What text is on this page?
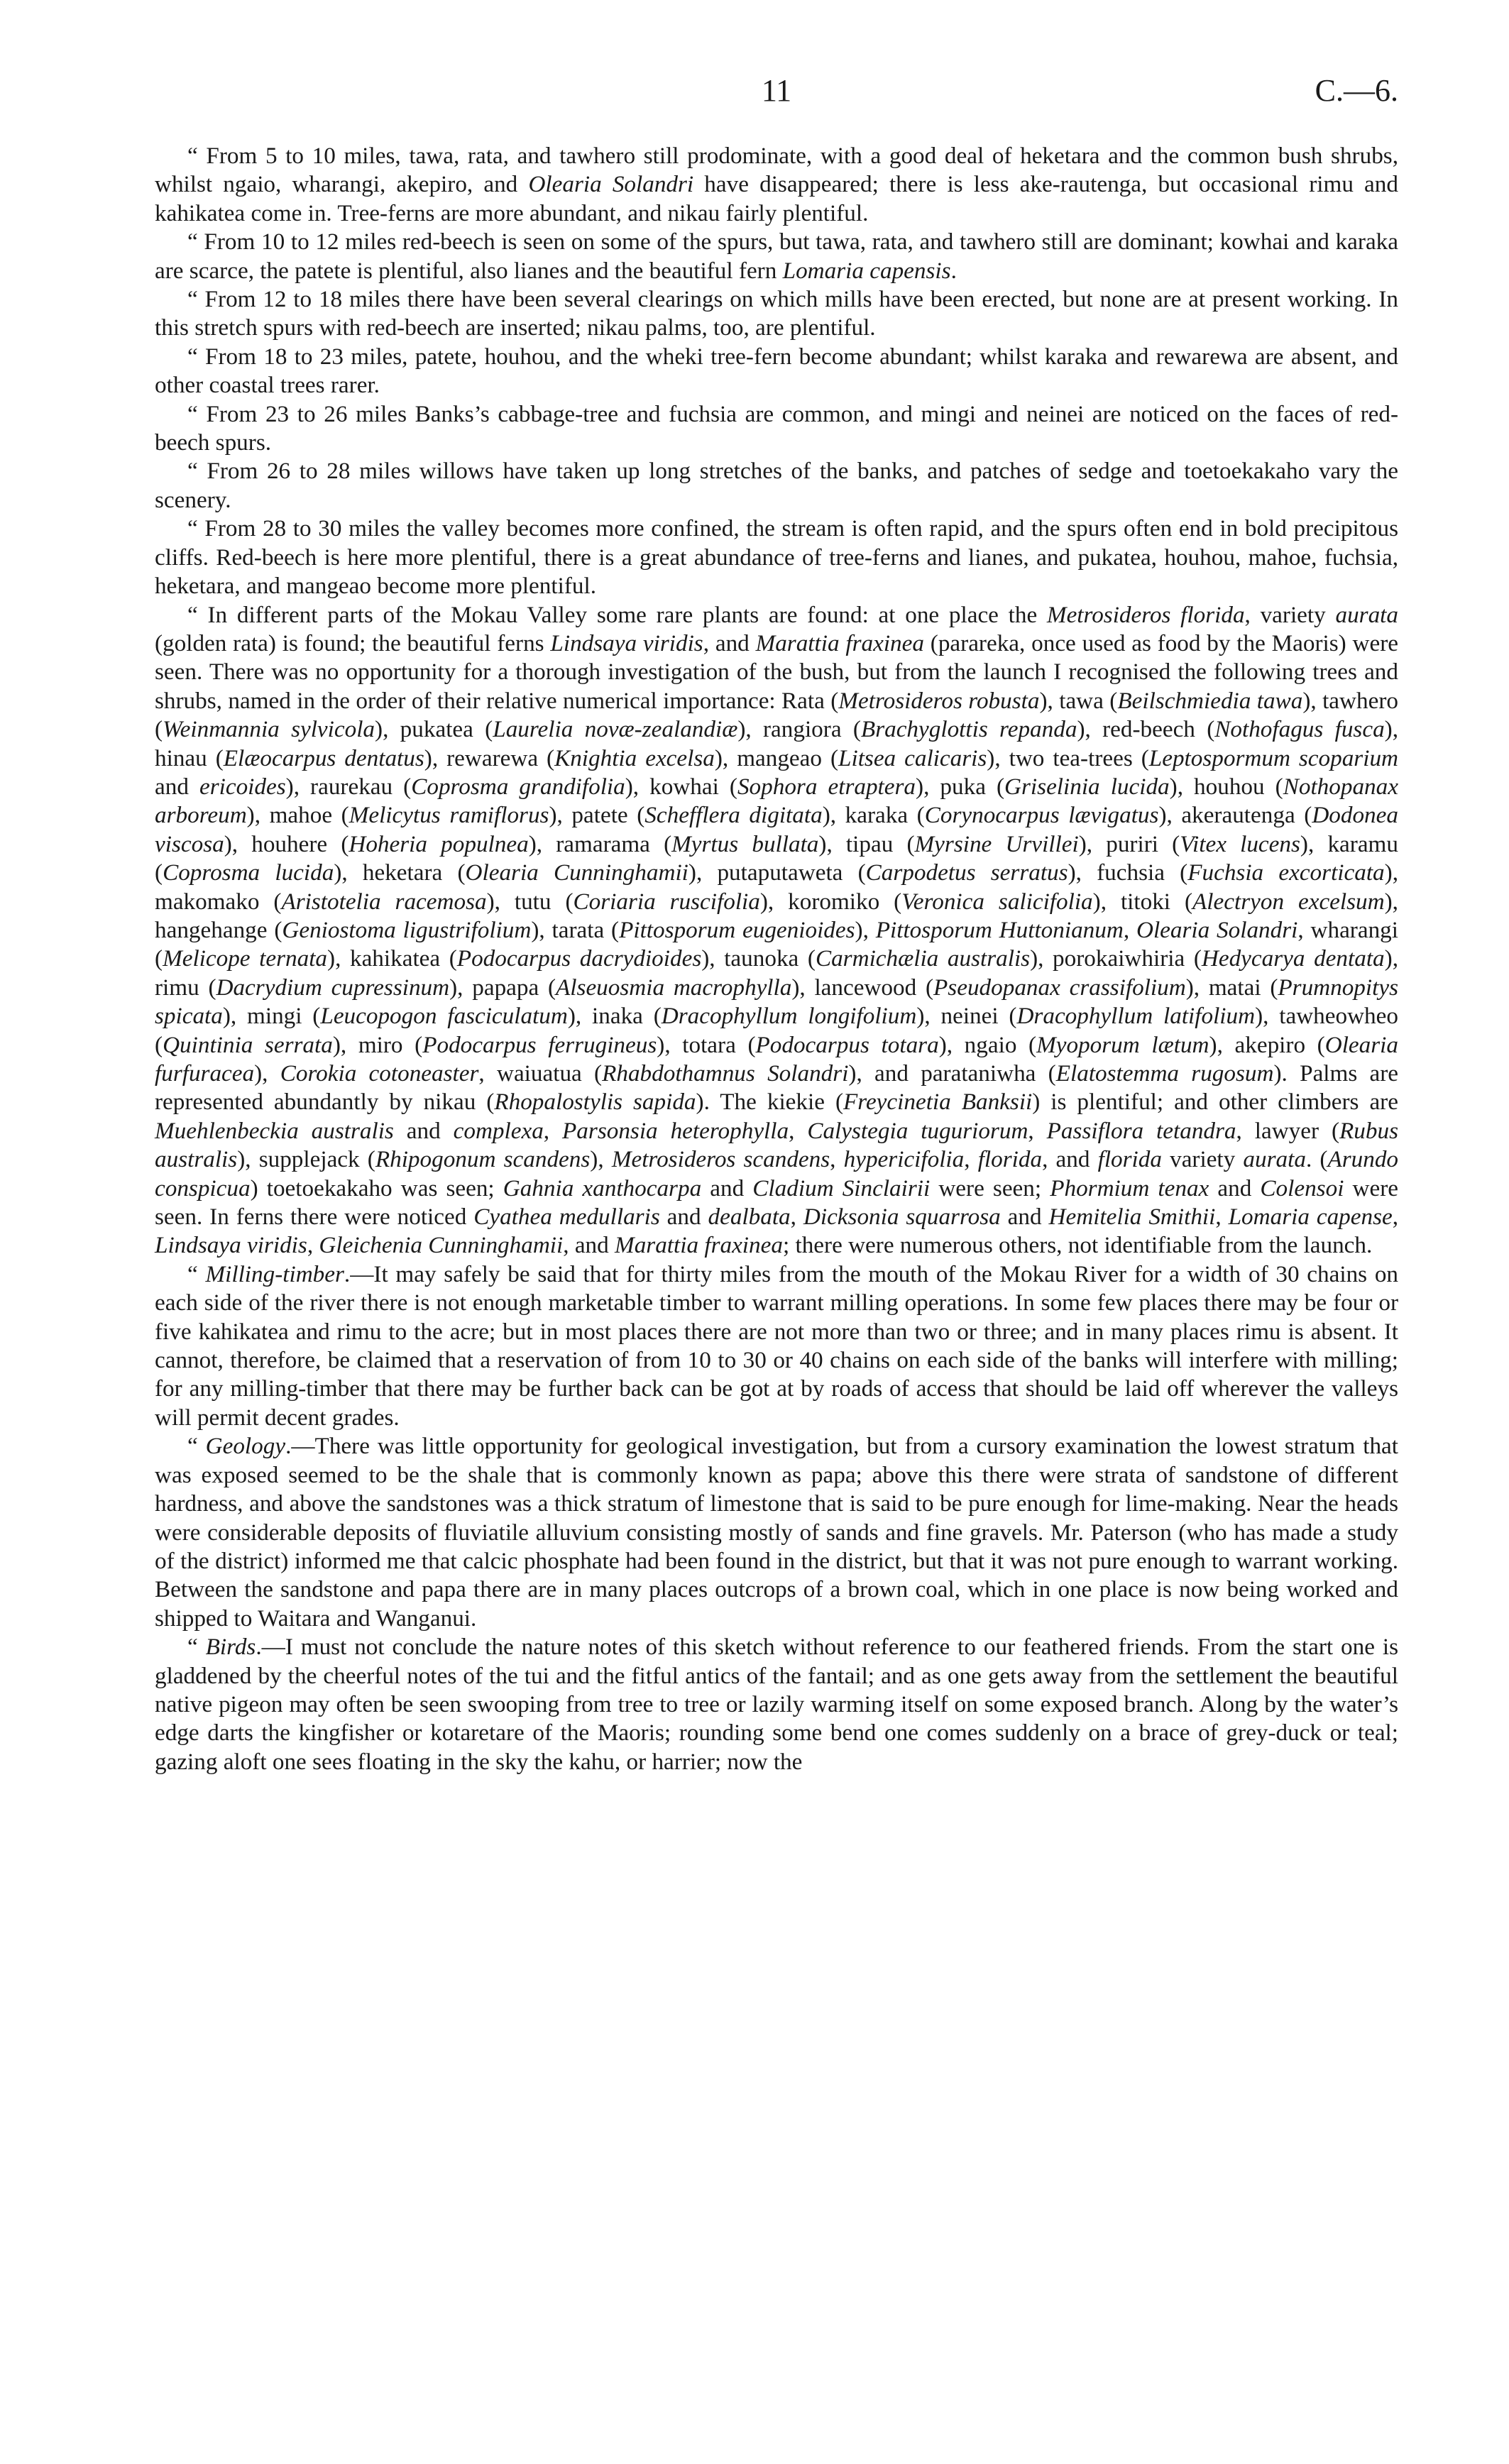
11	C.—6.

“ From 5 to 10 miles, tawa, rata, and tawhero still prodominate, with a good deal of heketara and the common bush shrubs, whilst ngaio, wharangi, akepiro, and Olearia Solandri have disappeared; there is less ake-rautenga, but occasional rimu and kahikatea come in. Tree-ferns are more abundant, and nikau fairly plentiful.

“ From 10 to 12 miles red-beech is seen on some of the spurs, but tawa, rata, and tawhero still are dominant; kowhai and karaka are scarce, the patete is plentiful, also lianes and the beautiful fern Lomaria capensis.

“ From 12 to 18 miles there have been several clearings on which mills have been erected, but none are at present working. In this stretch spurs with red-beech are inserted; nikau palms, too, are plentiful.

“ From 18 to 23 miles, patete, houhou, and the wheki tree-fern become abundant; whilst karaka and rewarewa are absent, and other coastal trees rarer.

“ From 23 to 26 miles Banks’s cabbage-tree and fuchsia are common, and mingi and neinei are noticed on the faces of red-beech spurs.

“ From 26 to 28 miles willows have taken up long stretches of the banks, and patches of sedge and toetoekakaho vary the scenery.

“ From 28 to 30 miles the valley becomes more confined, the stream is often rapid, and the spurs often end in bold precipitous cliffs. Red-beech is here more plentiful, there is a great abundance of tree-ferns and lianes, and pukatea, houhou, mahoe, fuchsia, heketara, and mangeao become more plentiful.

“ In different parts of the Mokau Valley some rare plants are found: at one place the Metrosideros florida, variety aurata (golden rata) is found; the beautiful ferns Lindsaya viridis, and Marattia fraxinea (parareka, once used as food by the Maoris) were seen. There was no opportunity for a thorough investigation of the bush, but from the launch I recognised the following trees and shrubs, named in the order of their relative numerical importance: Rata (Metrosideros robusta), tawa (Beilschmiedia tawa), tawhero (Weinmannia sylvicola), pukatea (Laurelia novæ-zealandiæ), rangiora (Brachyglottis repanda), red-beech (Nothofagus fusca), hinau (Elæocarpus dentatus), rewarewa (Knightia excelsa), mangeao (Litsea calicaris), two tea-trees (Leptospormum scoparium and ericoides), raurekau (Coprosma grandifolia), kowhai (Sophora etraptera), puka (Griselinia lucida), houhou (Nothopanax arboreum), mahoe (Melicytus ramiflorus), patete (Schefflera digitata), karaka (Corynocarpus lævigatus), akerautenga (Dodonea viscosa), houhere (Hoheria populnea), ramarama (Myrtus bullata), tipau (Myrsine Urvillei), puriri (Vitex lucens), karamu (Coprosma lucida), heketara (Olearia Cunninghamii), putaputaweta (Carpodetus serratus), fuchsia (Fuchsia excorticata), makomako (Aristotelia racemosa), tutu (Coriaria ruscifolia), koromiko (Veronica salicifolia), titoki (Alectryon excelsum), hangehange (Geniostoma ligustrifolium), tarata (Pittosporum eugenioides), Pittosporum Huttonianum, Olearia Solandri, wharangi (Melicope ternata), kahikatea (Podocarpus dacrydioides), taunoka (Carmichælia australis), porokaiwhiria (Hedycarya dentata), rimu (Dacrydium cupressinum), papapa (Alseuosmia macrophylla), lancewood (Pseudopanax crassifolium), matai (Prumnopitys spicata), mingi (Leucopogon fasciculatum), inaka (Dracophyllum longifolium), neinei (Dracophyllum latifolium), tawheowheo (Quintinia serrata), miro (Podocarpus ferrugineus), totara (Podocarpus totara), ngaio (Myoporum lætum), akepiro (Olearia furfuracea), Corokia cotoneaster, waiuatua (Rhabdothamnus Solandri), and parataniwha (Elatostemma rugosum). Palms are represented abundantly by nikau (Rhopalostylis sapida). The kiekie (Freycinetia Banksii) is plentiful; and other climbers are Muehlenbeckia australis and complexa, Parsonsia heterophylla, Calystegia tuguriorum, Passiflora tetandra, lawyer (Rubus australis), supplejack (Rhipogonum scandens), Metrosideros scandens, hypericifolia, florida, and florida variety aurata. (Arundo conspicua) toetoekakaho was seen; Gahnia xanthocarpa and Cladium Sinclairii were seen; Phormium tenax and Colensoi were seen. In ferns there were noticed Cyathea medullaris and dealbata, Dicksonia squarrosa and Hemitelia Smithii, Lomaria capense, Lindsaya viridis, Gleichenia Cunninghamii, and Marattia fraxinea; there were numerous others, not identifiable from the launch.

“ Milling-timber.—It may safely be said that for thirty miles from the mouth of the Mokau River for a width of 30 chains on each side of the river there is not enough marketable timber to warrant milling operations. In some few places there may be four or five kahikatea and rimu to the acre; but in most places there are not more than two or three; and in many places rimu is absent. It cannot, therefore, be claimed that a reservation of from 10 to 30 or 40 chains on each side of the banks will interfere with milling; for any milling-timber that there may be further back can be got at by roads of access that should be laid off wherever the valleys will permit decent grades.

“ Geology.—There was little opportunity for geological investigation, but from a cursory examination the lowest stratum that was exposed seemed to be the shale that is commonly known as papa; above this there were strata of sandstone of different hardness, and above the sandstones was a thick stratum of limestone that is said to be pure enough for lime-making. Near the heads were considerable deposits of fluviatile alluvium consisting mostly of sands and fine gravels. Mr. Paterson (who has made a study of the district) informed me that calcic phosphate had been found in the district, but that it was not pure enough to warrant working. Between the sandstone and papa there are in many places outcrops of a brown coal, which in one place is now being worked and shipped to Waitara and Wanganui.

“ Birds.—I must not conclude the nature notes of this sketch without reference to our feathered friends. From the start one is gladdened by the cheerful notes of the tui and the fitful antics of the fantail; and as one gets away from the settlement the beautiful native pigeon may often be seen swooping from tree to tree or lazily warming itself on some exposed branch. Along by the water’s edge darts the kingfisher or kotaretare of the Maoris; rounding some bend one comes suddenly on a brace of grey-duck or teal; gazing aloft one sees floating in the sky the kahu, or harrier; now the
